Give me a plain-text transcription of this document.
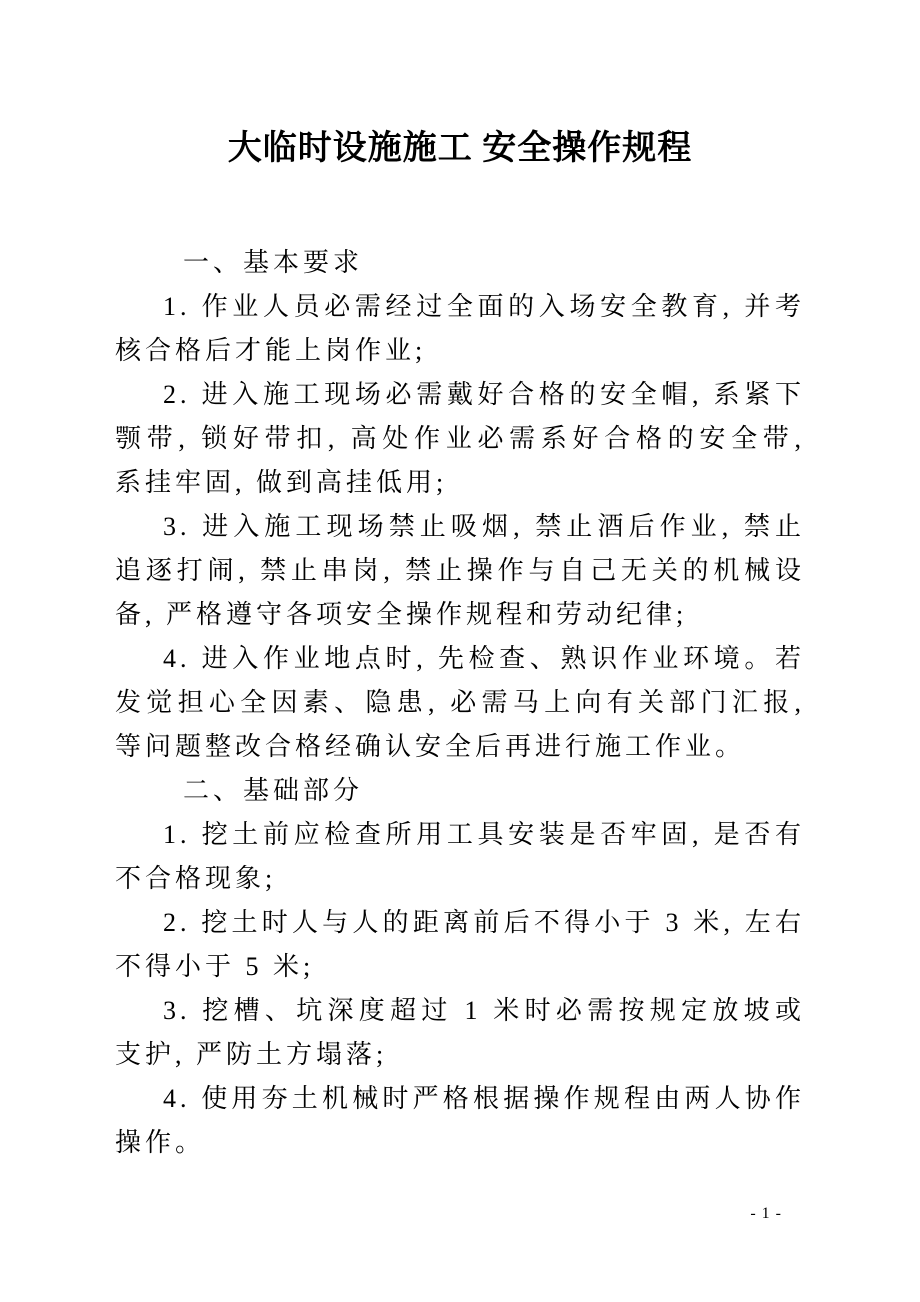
大临时设施施工 安全操作规程

一、基本要求

1. 作业人员必需经过全面的入场安全教育, 并考核合格后才能上岗作业;

2. 进入施工现场必需戴好合格的安全帽, 系紧下颚带, 锁好带扣, 高处作业必需系好合格的安全带, 系挂牢固, 做到高挂低用;

3. 进入施工现场禁止吸烟, 禁止酒后作业, 禁止追逐打闹, 禁止串岗, 禁止操作与自己无关的机械设备, 严格遵守各项安全操作规程和劳动纪律;

4. 进入作业地点时, 先检查、熟识作业环境。若发觉担心全因素、隐患, 必需马上向有关部门汇报, 等问题整改合格经确认安全后再进行施工作业。

二、基础部分

1. 挖土前应检查所用工具安装是否牢固, 是否有不合格现象;

2. 挖土时人与人的距离前后不得小于 3 米, 左右不得小于 5 米;

3. 挖槽、坑深度超过 1 米时必需按规定放坡或支护, 严防土方塌落;

4. 使用夯土机械时严格根据操作规程由两人协作操作。

- 1 -
